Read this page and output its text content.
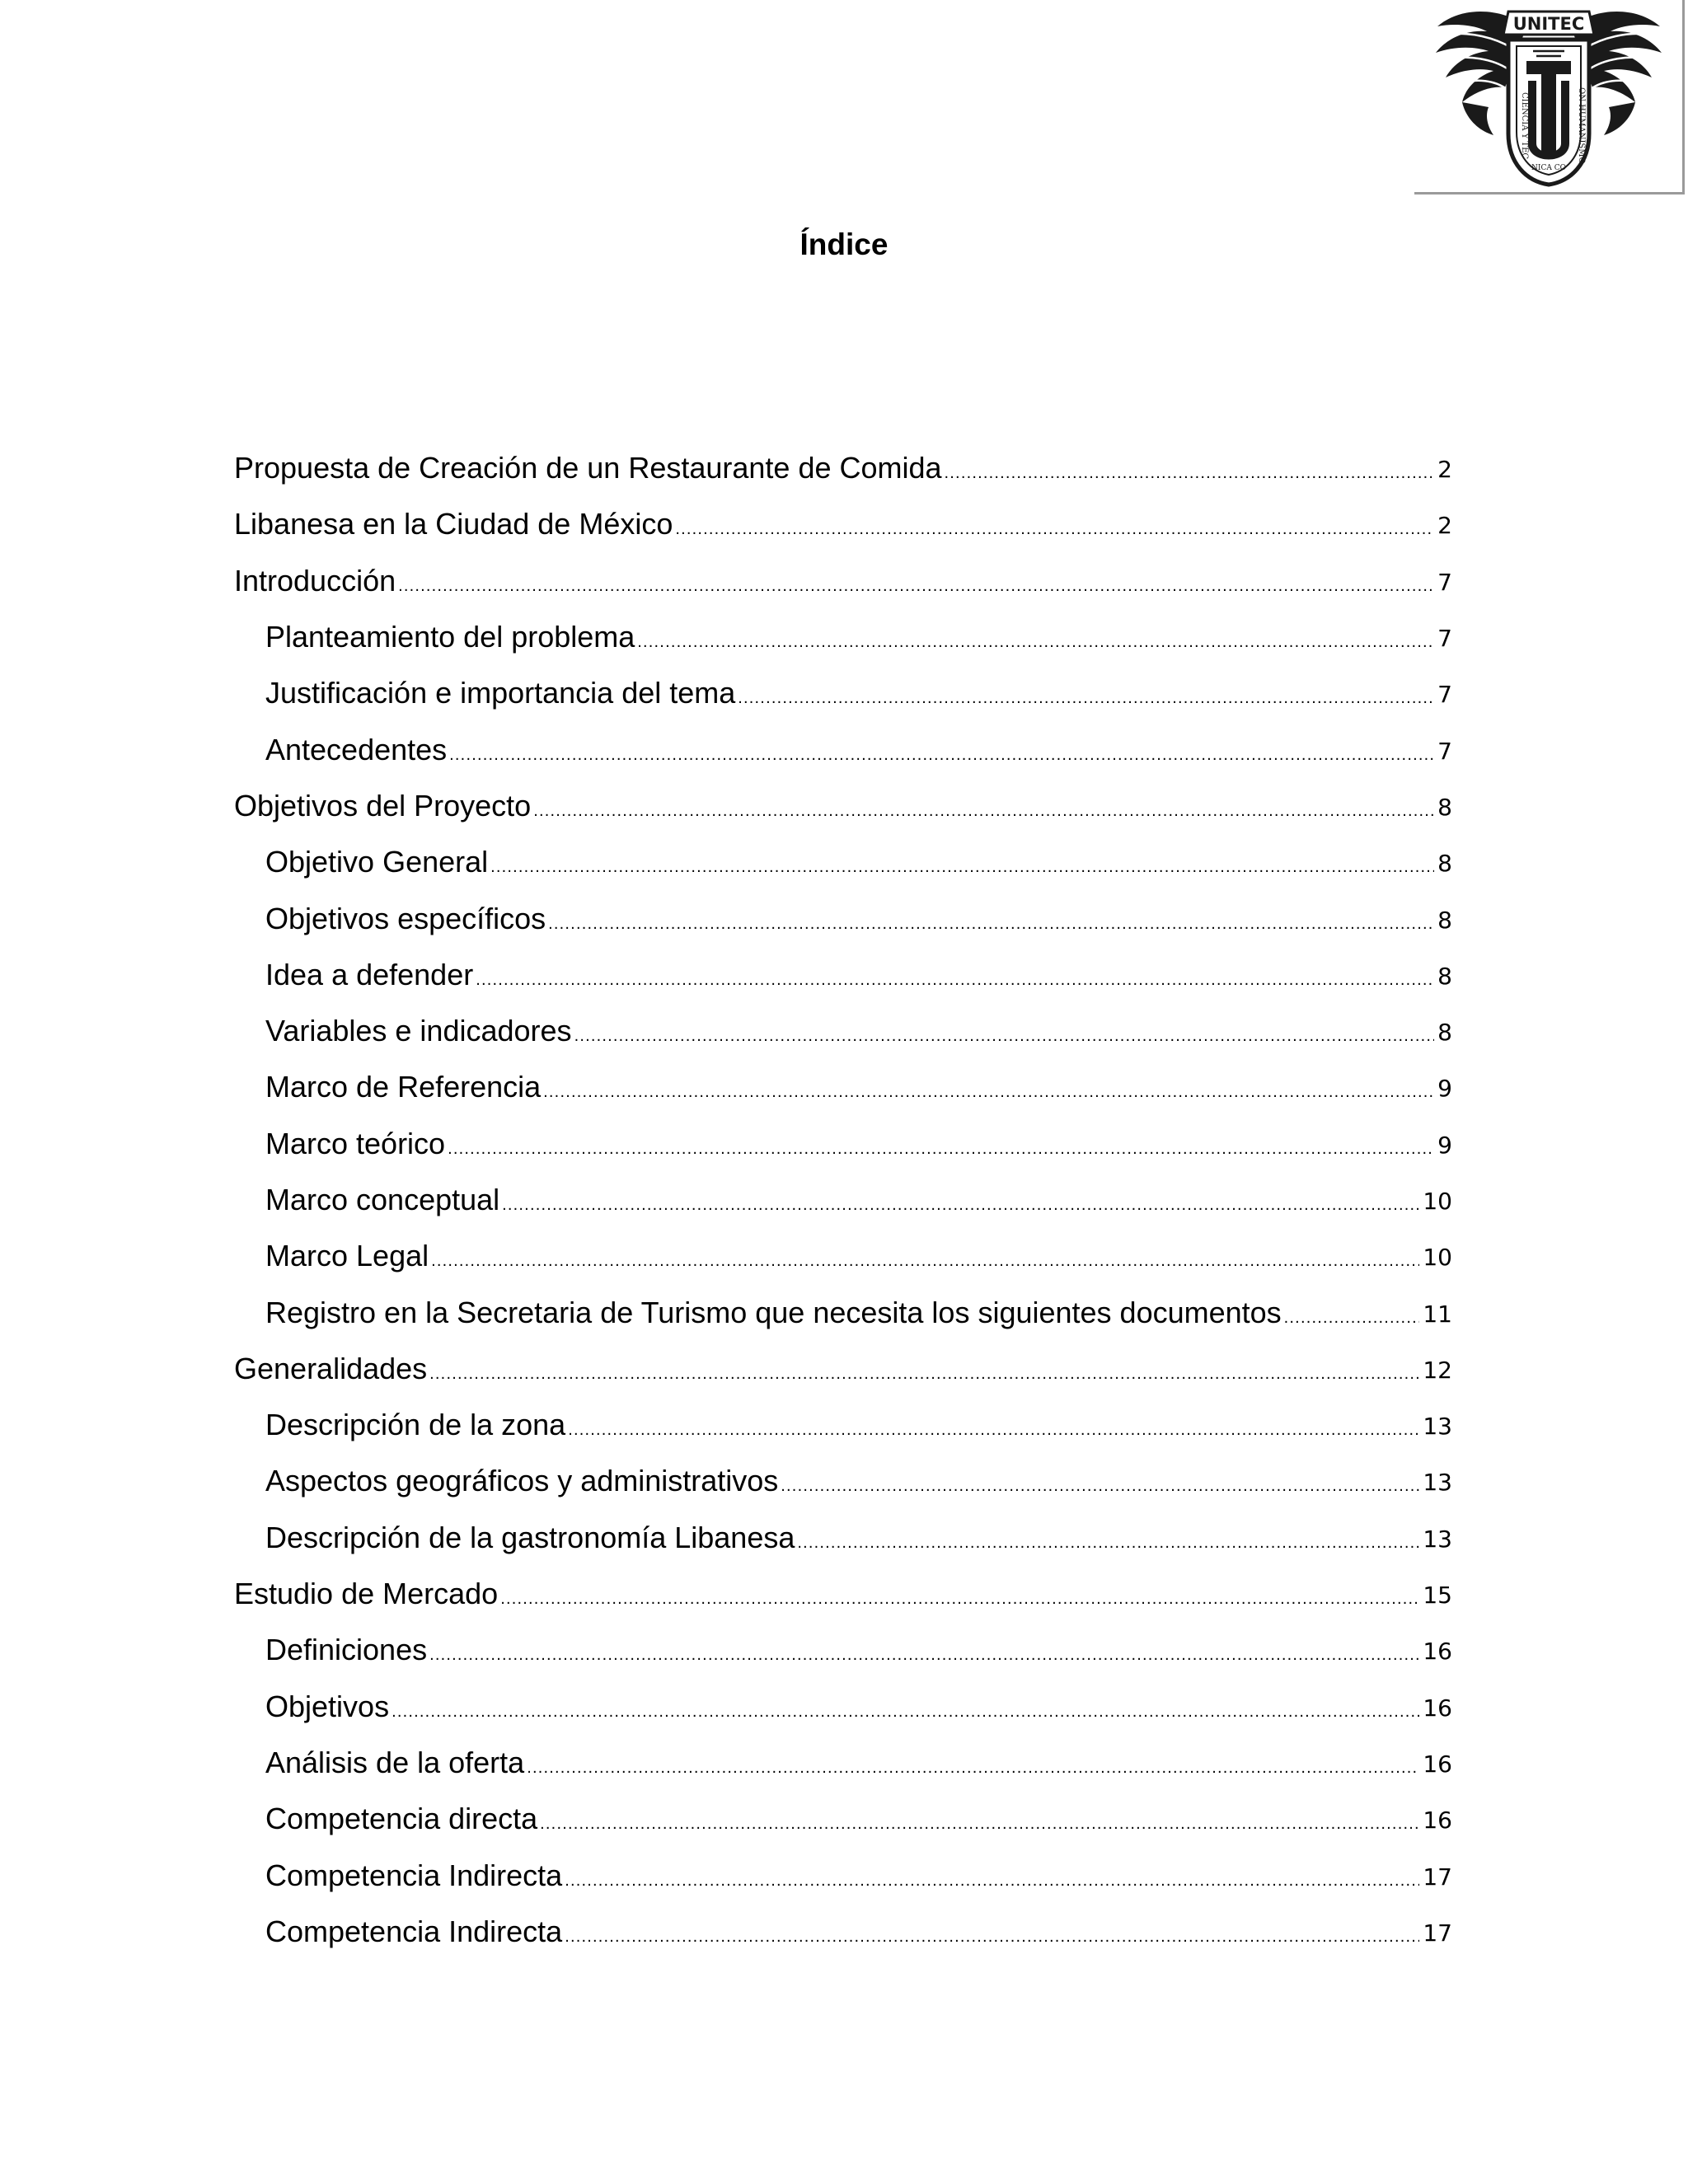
UNITEC
CIENCIA Y TEC	ON HUMANISMO
NICA CO
Índice
Propuesta de Creación de un Restaurante de Comida .....	2
Libanesa en la Ciudad de México .....	2
Introducción .....	7
Planteamiento del problema .....	7
Justificación e importancia del tema .....	7
Antecedentes .....	7
Objetivos del Proyecto .....	8
Objetivo General .....	8
Objetivos específicos .....	8
Idea a defender .....	8
Variables e indicadores .....	8
Marco de Referencia .....	9
Marco teórico .....	9
Marco conceptual .....	10
Marco Legal .....	10
Registro en la Secretaria de Turismo que necesita los siguientes documentos .....	11
Generalidades .....	12
Descripción de la zona .....	13
Aspectos geográficos y administrativos .....	13
Descripción de la gastronomía Libanesa .....	13
Estudio de Mercado .....	15
Definiciones .....	16
Objetivos .....	16
Análisis de la oferta .....	16
Competencia directa .....	16
Competencia Indirecta .....	17
Competencia Indirecta .....	17
